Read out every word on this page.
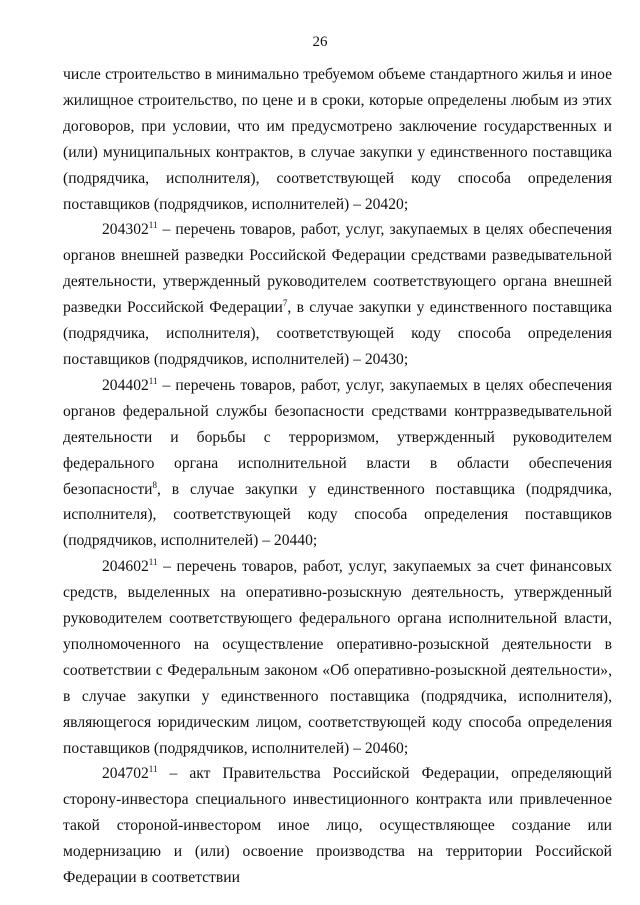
26

числе строительство в минимально требуемом объеме стандартного жилья и иное жилищное строительство, по цене и в сроки, которые определены любым из этих договоров, при условии, что им предусмотрено заключение государственных и (или) муниципальных контрактов, в случае закупки у единственного поставщика (подрядчика, исполнителя), соответствующей коду способа определения поставщиков (подрядчиков, исполнителей) – 20420;

204302$^{11}$ – перечень товаров, работ, услуг, закупаемых в целях обеспечения органов внешней разведки Российской Федерации средствами разведывательной деятельности, утвержденный руководителем соответствующего органа внешней разведки Российской Федерации$^7$, в случае закупки у единственного поставщика (подрядчика, исполнителя), соответствующей коду способа определения поставщиков (подрядчиков, исполнителей) – 20430;

204402$^{11}$ – перечень товаров, работ, услуг, закупаемых в целях обеспечения органов федеральной службы безопасности средствами контрразведывательной деятельности и борьбы с терроризмом, утвержденный руководителем федерального органа исполнительной власти в области обеспечения безопасности$^8$, в случае закупки у единственного поставщика (подрядчика, исполнителя), соответствующей коду способа определения поставщиков (подрядчиков, исполнителей) – 20440;

204602$^{11}$ – перечень товаров, работ, услуг, закупаемых за счет финансовых средств, выделенных на оперативно-розыскную деятельность, утвержденный руководителем соответствующего федерального органа исполнительной власти, уполномоченного на осуществление оперативно-розыскной деятельности в соответствии с Федеральным законом «Об оперативно-розыскной деятельности», в случае закупки у единственного поставщика (подрядчика, исполнителя), являющегося юридическим лицом, соответствующей коду способа определения поставщиков (подрядчиков, исполнителей) – 20460;

204702$^{11}$ – акт Правительства Российской Федерации, определяющий сторону-инвестора специального инвестиционного контракта или привлеченное такой стороной-инвестором иное лицо, осуществляющее создание или модернизацию и (или) освоение производства на территории Российской Федерации в соответствии
